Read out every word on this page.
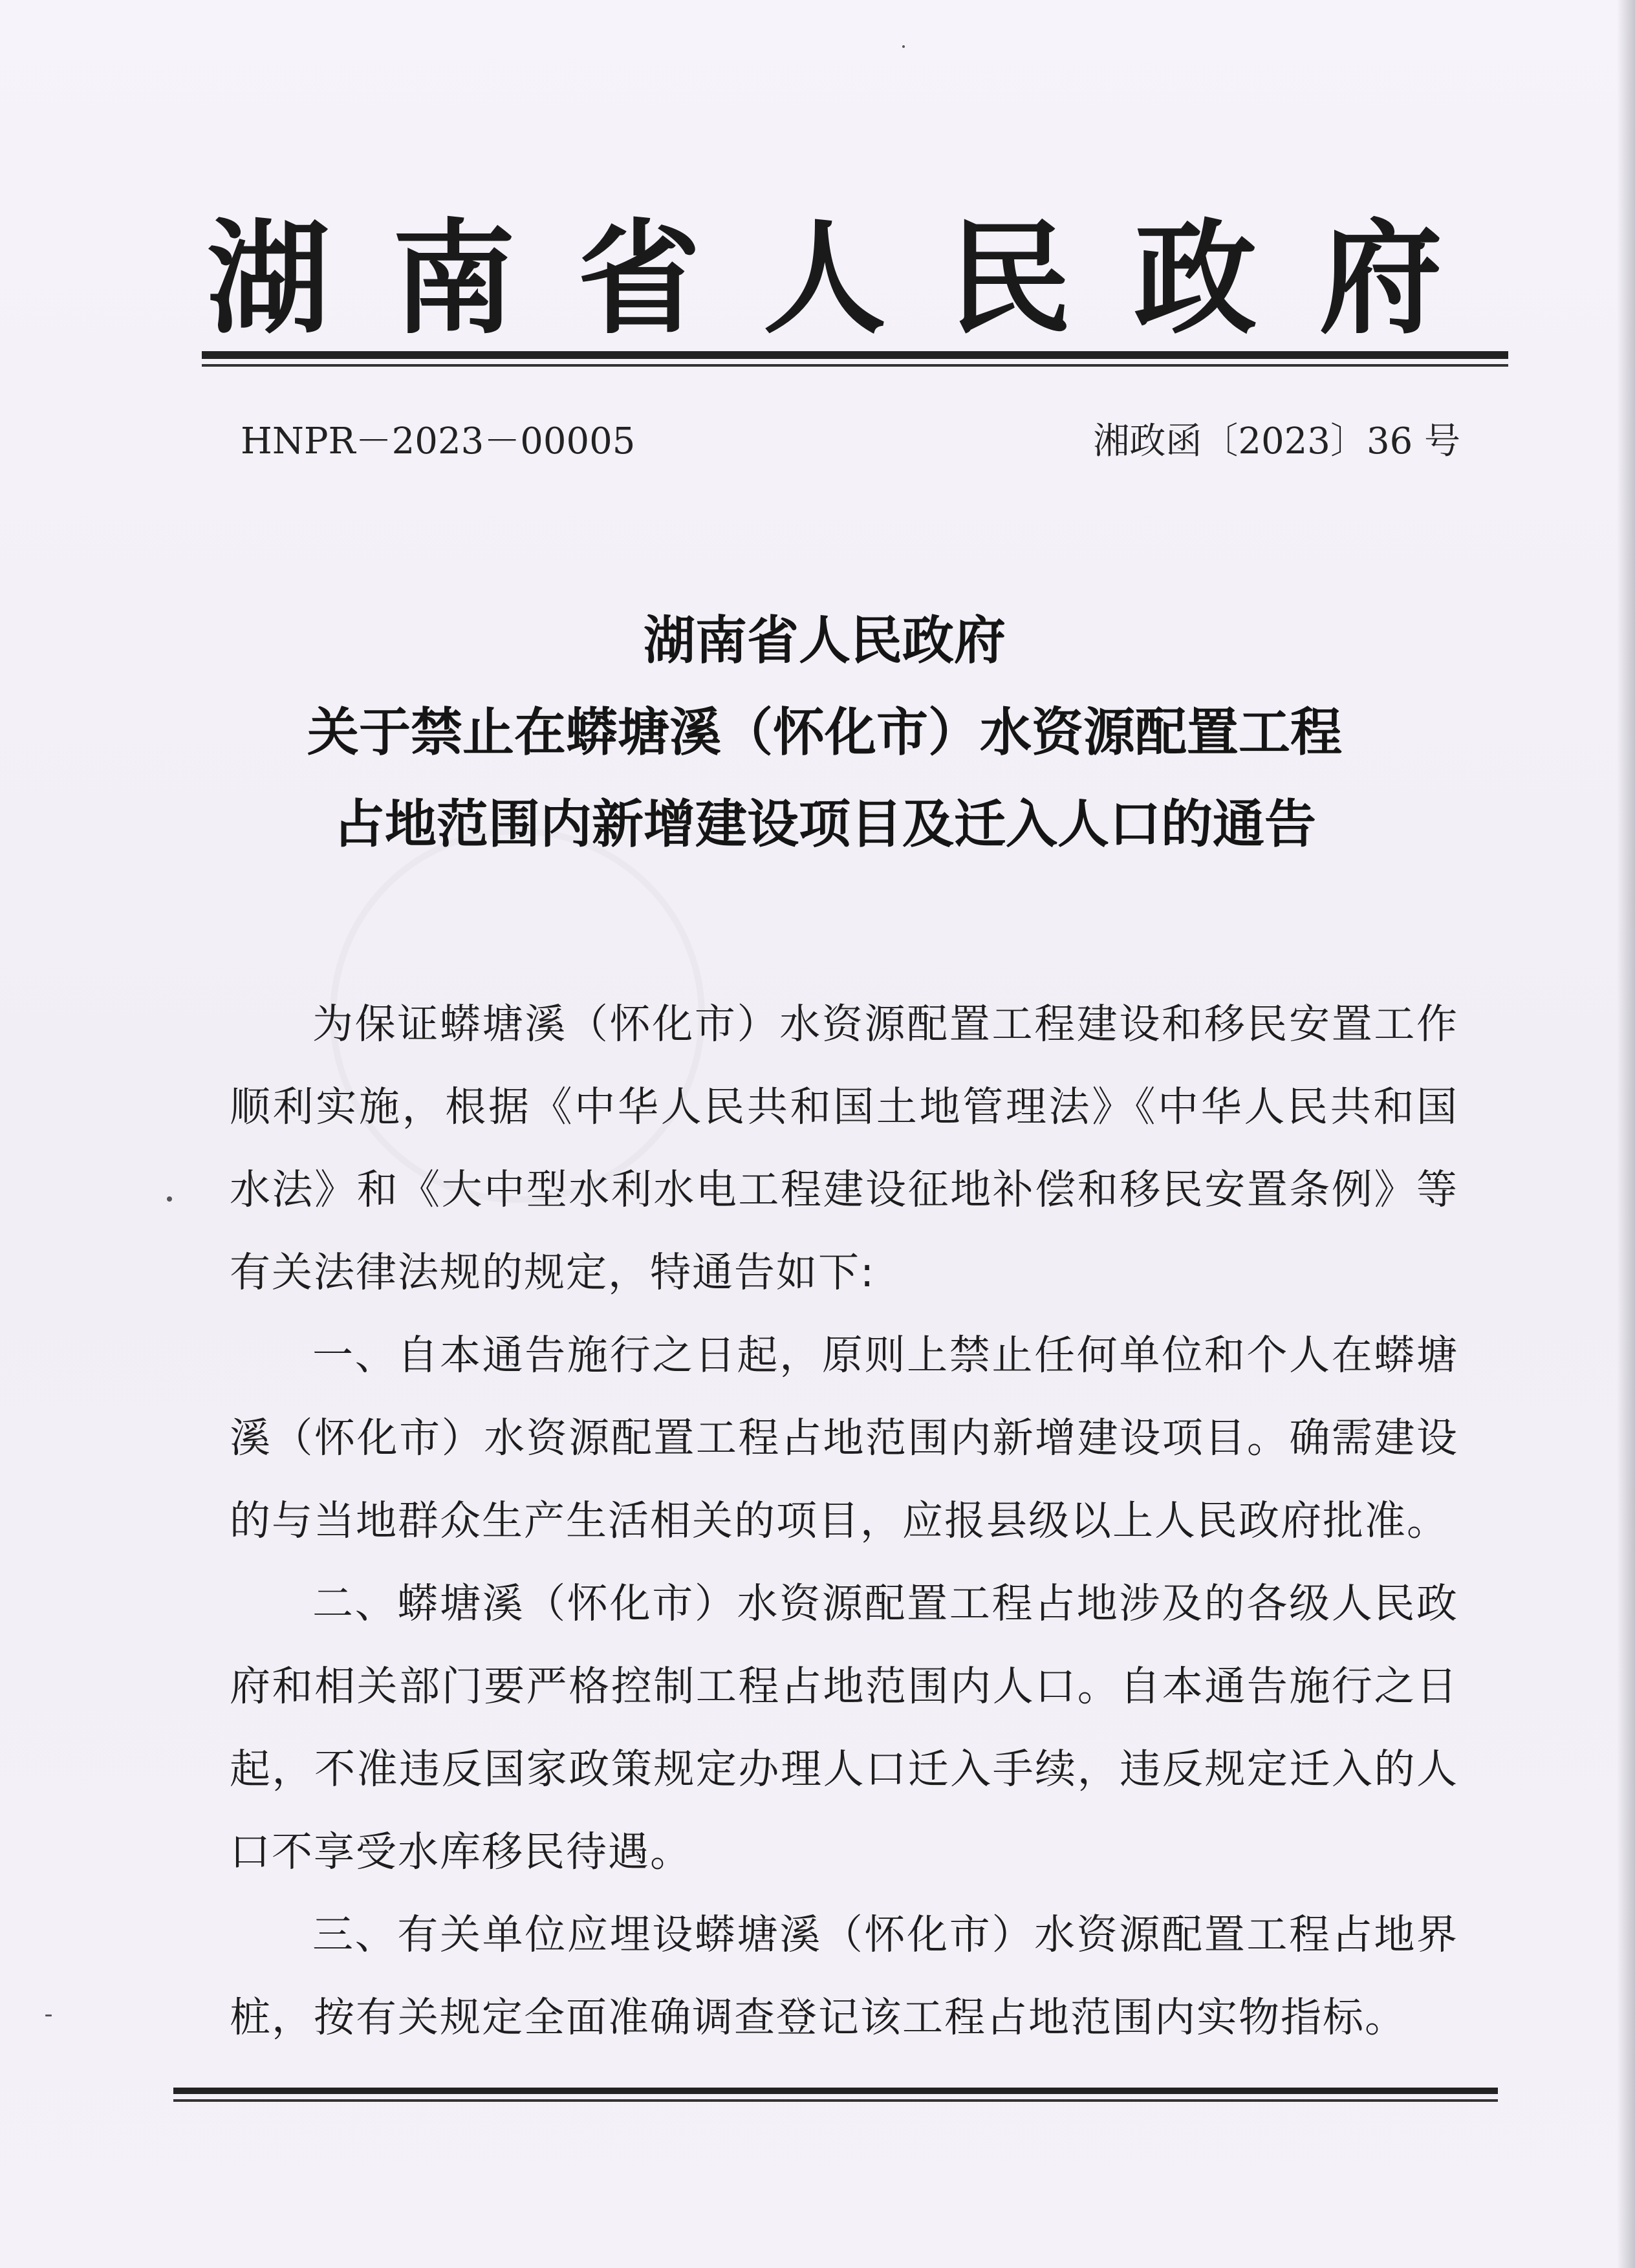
湖 南 省 人 民 政 府
HNPR－2023－00005	湘政函〔2023〕36 号
湖南省人民政府
关于禁止在蟒塘溪（怀化市）水资源配置工程
占地范围内新增建设项目及迁入人口的通告

为保证蟒塘溪（怀化市）水资源配置工程建设和移民安置工作顺利实施，根据《中华人民共和国土地管理法》《中华人民共和国水法》和《大中型水利水电工程建设征地补偿和移民安置条例》等有关法律法规的规定，特通告如下:

一、自本通告施行之日起，原则上禁止任何单位和个人在蟒塘溪（怀化市）水资源配置工程占地范围内新增建设项目。确需建设的与当地群众生产生活相关的项目，应报县级以上人民政府批准。

二、蟒塘溪（怀化市）水资源配置工程占地涉及的各级人民政府和相关部门要严格控制工程占地范围内人口。自本通告施行之日起，不准违反国家政策规定办理人口迁入手续，违反规定迁入的人口不享受水库移民待遇。

三、有关单位应埋设蟒塘溪（怀化市）水资源配置工程占地界桩，按有关规定全面准确调查登记该工程占地范围内实物指标。
